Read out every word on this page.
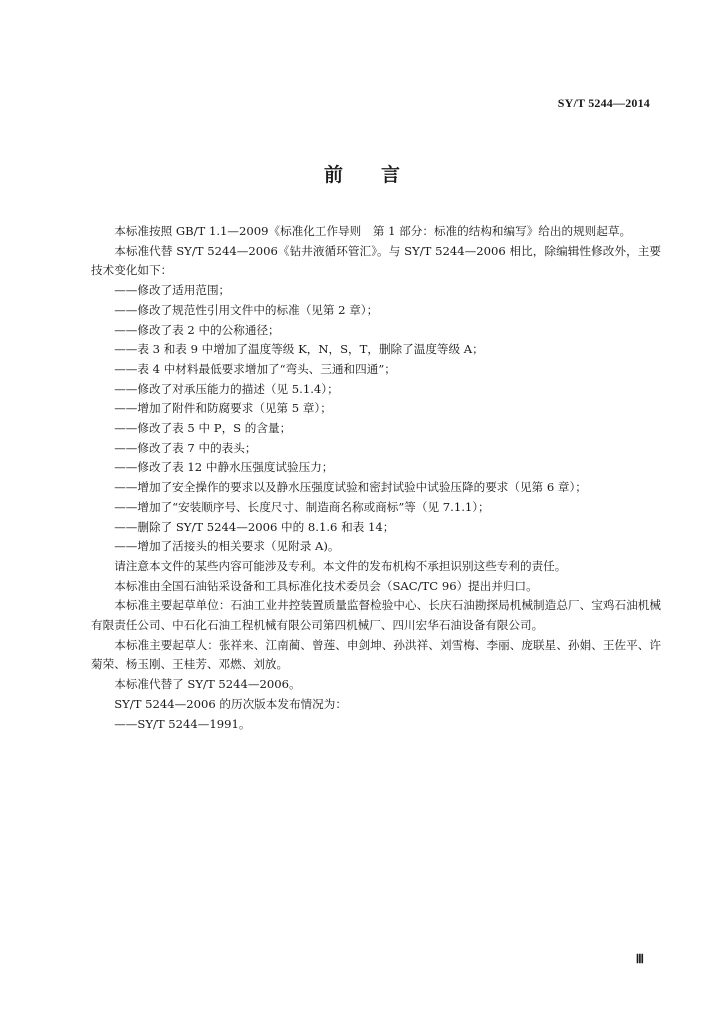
SY/T 5244—2014
前言

本标准按照 GB/T 1.1—2009《标准化工作导则　第 1 部分：标准的结构和编写》给出的规则起草。

本标准代替 SY/T 5244—2006《钻井液循环管汇》。与 SY/T 5244—2006 相比，除编辑性修改外，主要技术变化如下：

——修改了适用范围；
——修改了规范性引用文件中的标准（见第 2 章）；
——修改了表 2 中的公称通径；
——表 3 和表 9 中增加了温度等级 K，N，S，T，删除了温度等级 A；
——表 4 中材料最低要求增加了“弯头、三通和四通”；
——修改了对承压能力的描述（见 5.1.4）；
——增加了附件和防腐要求（见第 5 章）；
——修改了表 5 中 P，S 的含量；
——修改了表 7 中的表头；
——修改了表 12 中静水压强度试验压力；
——增加了安全操作的要求以及静水压强度试验和密封试验中试验压降的要求（见第 6 章）；
——增加了“安装顺序号、长度尺寸、制造商名称或商标”等（见 7.1.1）；
——删除了 SY/T 5244—2006 中的 8.1.6 和表 14；
——增加了活接头的相关要求（见附录 A)。

请注意本文件的某些内容可能涉及专利。本文件的发布机构不承担识别这些专利的责任。

本标准由全国石油钻采设备和工具标准化技术委员会（SAC/TC 96）提出并归口。

本标准主要起草单位：石油工业井控装置质量监督检验中心、长庆石油勘探局机械制造总厂、宝鸡石油机械有限责任公司、中石化石油工程机械有限公司第四机械厂、四川宏华石油设备有限公司。

本标准主要起草人：张祥来、江南蔺、曾莲、申剑坤、孙洪祥、刘雪梅、李丽、庞联星、孙娟、王佐平、许菊荣、杨玉刚、王桂芳、邓燃、刘放。

本标准代替了 SY/T 5244—2006。

SY/T 5244—2006 的历次版本发布情况为：

——SY/T 5244—1991。
Ⅲ
